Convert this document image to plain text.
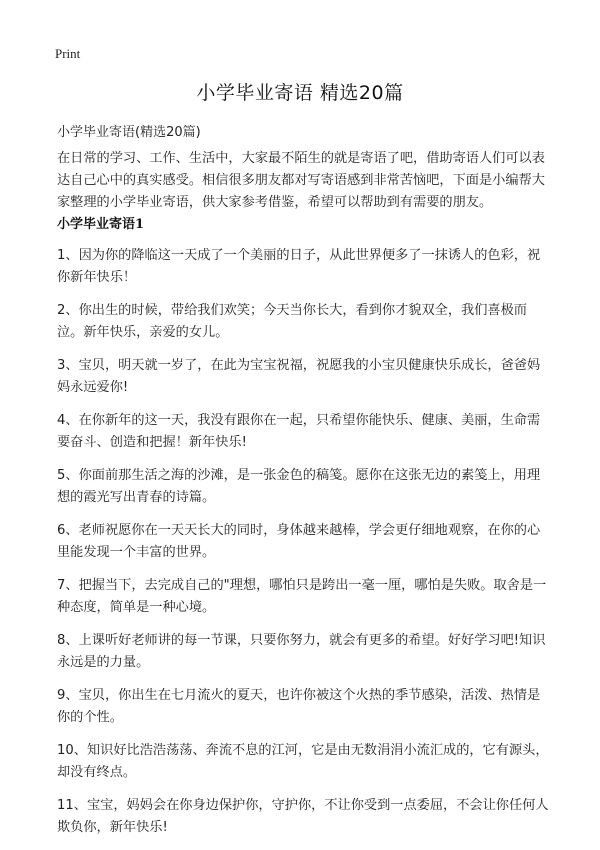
Print
小学毕业寄语 精选20篇
小学毕业寄语(精选20篇)
在日常的学习、工作、生活中，大家最不陌生的就是寄语了吧，借助寄语人们可以表达自己心中的真实感受。相信很多朋友都对写寄语感到非常苦恼吧，下面是小编帮大家整理的小学毕业寄语，供大家参考借鉴，希望可以帮助到有需要的朋友。
小学毕业寄语1
1、因为你的降临这一天成了一个美丽的日子，从此世界便多了一抹诱人的色彩，祝你新年快乐！
2、你出生的时候，带给我们欢笑；今天当你长大，看到你才貌双全，我们喜极而泣。新年快乐，亲爱的女儿。
3、宝贝，明天就一岁了，在此为宝宝祝福，祝愿我的小宝贝健康快乐成长，爸爸妈妈永远爱你!
4、在你新年的这一天，我没有跟你在一起，只希望你能快乐、健康、美丽，生命需要奋斗、创造和把握！新年快乐!
5、你面前那生活之海的沙滩，是一张金色的稿笺。愿你在这张无边的素笺上，用理想的霞光写出青春的诗篇。
6、老师祝愿你在一天天长大的同时，身体越来越棒，学会更仔细地观察，在你的心里能发现一个丰富的世界。
7、把握当下，去完成自己的"理想，哪怕只是跨出一毫一厘，哪怕是失败。取舍是一种态度，简单是一种心境。
8、上课听好老师讲的每一节课，只要你努力，就会有更多的希望。好好学习吧!知识永远是的力量。
9、宝贝，你出生在七月流火的夏天，也许你被这个火热的季节感染，活泼、热情是你的个性。
10、知识好比浩浩荡荡、奔流不息的江河，它是由无数涓涓小流汇成的，它有源头，却没有终点。
11、宝宝，妈妈会在你身边保护你，守护你，不让你受到一点委屈，不会让你任何人欺负你，新年快乐!
